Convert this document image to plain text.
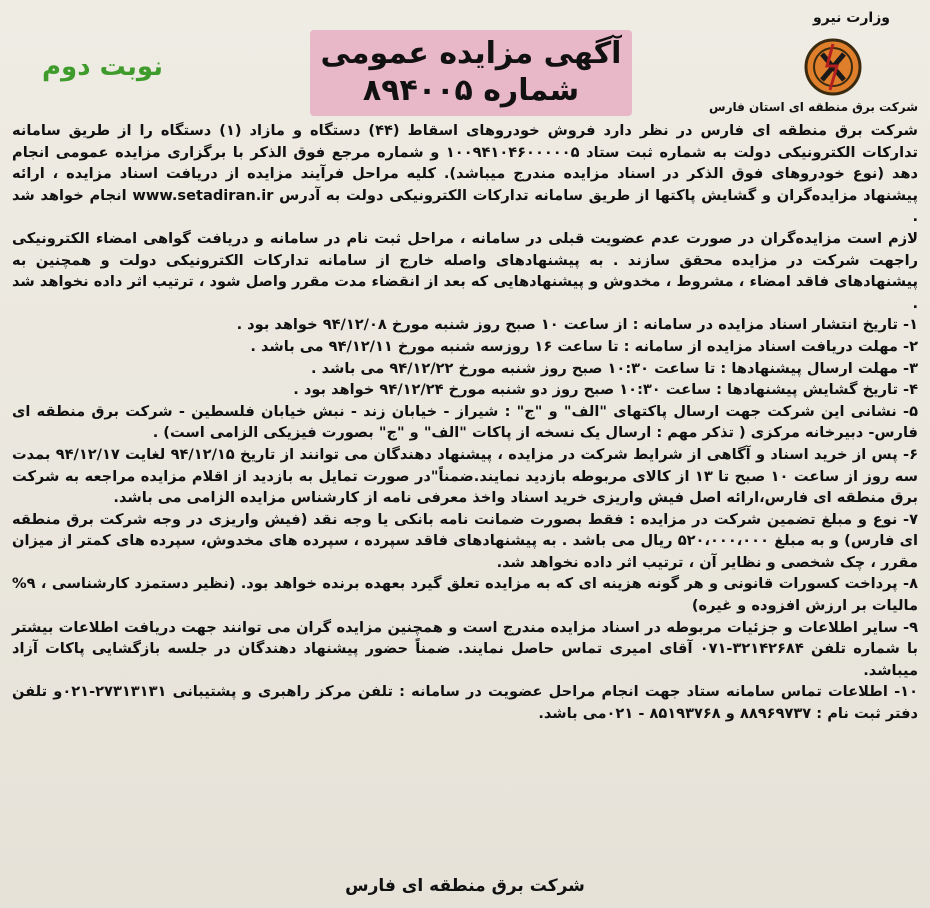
وزارت نیرو
شرکت برق منطقه ای استان فارس
آگهی مزایده عمومی
شماره ۸۹۴۰۰۵
نوبت دوم

شرکت برق منطقه ای فارس در نظر دارد فروش خودروهای اسقاط (۴۴) دستگاه و مازاد (۱) دستگاه را از طریق سامانه تدارکات الکترونیکی دولت به شماره ثبت ستاد ۱۰۰۹۴۱۰۴۶۰۰۰۰۰۵ و شماره مرجع فوق الذکر با برگزاری مزایده عمومی انجام دهد (نوع خودروهای فوق الذکر در اسناد مزایده مندرج میباشد). کلیه مراحل فرآیند مزایده از دریافت اسناد مزایده ، ارائه پیشنهاد مزایده‌گران و گشایش پاکتها از طریق سامانه تدارکات الکترونیکی دولت به آدرس www.setadiran.ir انجام خواهد شد .

لازم است مزایده‌گران در صورت عدم عضویت قبلی در سامانه ، مراحل ثبت نام در سامانه و دریافت گواهی امضاء الکترونیکی راجهت شرکت در مزایده محقق سازند . به پیشنهادهای واصله خارج از سامانه تدارکات الکترونیکی دولت و همچنین به پیشنهادهای فاقد امضاء ، مشروط ، مخدوش و پیشنهادهایی که بعد از انقضاء مدت مقرر واصل شود ، ترتیب اثر داده نخواهد شد .

۱- تاریخ انتشار اسناد مزایده در سامانه : از ساعت ۱۰ صبح روز شنبه مورخ ۹۴/۱۲/۰۸ خواهد بود .

۲- مهلت دریافت اسناد مزایده از سامانه : تا ساعت ۱۶ روزسه شنبه مورخ ۹۴/۱۲/۱۱ می باشد .

۳- مهلت ارسال پیشنهادها : تا ساعت ۱۰:۳۰ صبح روز شنبه مورخ ۹۴/۱۲/۲۲ می باشد .

۴- تاریخ گشایش پیشنهادها : ساعت ۱۰:۳۰ صبح روز دو شنبه مورخ ۹۴/۱۲/۲۴ خواهد بود .

۵- نشانی این شرکت جهت ارسال پاکتهای "الف" و "ج" : شیراز - خیابان زند - نبش خیابان فلسطین - شرکت برق منطقه ای فارس- دبیرخانه مرکزی ( تذکر مهم : ارسال یک نسخه از پاکات "الف" و "ج" بصورت فیزیکی الزامی است) .

۶- پس از خرید اسناد و آگاهی از شرایط شرکت در مزایده ، پیشنهاد دهندگان می توانند از تاریخ ۹۴/۱۲/۱۵ لغایت ۹۴/۱۲/۱۷ بمدت سه روز از ساعت ۱۰ صبح تا ۱۳ از کالای مربوطه بازدید نمایند.ضمناً"در صورت تمایل به بازدید از اقلام مزایده مراجعه به شرکت برق منطقه ای فارس،ارائه اصل فیش واریزی خرید اسناد واخذ معرفی نامه از کارشناس مزایده الزامی می باشد.

۷- نوع و مبلغ تضمین شرکت در مزایده : فقط بصورت ضمانت نامه بانکی یا وجه نقد (فیش واریزی در وجه شرکت برق منطقه ای فارس) و به مبلغ ۵۲۰،۰۰۰،۰۰۰ ریال می باشد . به پیشنهادهای فاقد سپرده ، سپرده های مخدوش، سپرده های کمتر از میزان مقرر ، چک شخصی و نظایر آن ، ترتیب اثر داده نخواهد شد.

۸- پرداخت کسورات قانونی و هر گونه هزینه ای که به مزایده تعلق گیرد بعهده برنده خواهد بود. (نظیر دستمزد کارشناسی ، ۹% مالیات بر ارزش افزوده و غیره)

۹- سایر اطلاعات و جزئیات مربوطه در اسناد مزایده مندرج است و همچنین مزایده گران می توانند جهت دریافت اطلاعات بیشتر با شماره تلفن ۳۲۱۴۲۶۸۴-۰۷۱ آقای امیری تماس حاصل نمایند. ضمناً حضور پیشنهاد دهندگان در جلسه بازگشایی پاکات آزاد میباشد.

۱۰- اطلاعات تماس سامانه ستاد جهت انجام مراحل عضویت در سامانه : تلفن مرکز راهبری و پشتیبانی ۲۷۳۱۳۱۳۱-۰۲۱و تلفن دفتر ثبت نام : ۸۸۹۶۹۷۳۷ و ۸۵۱۹۳۷۶۸ - ۰۲۱می باشد.

شرکت برق منطقه ای فارس
